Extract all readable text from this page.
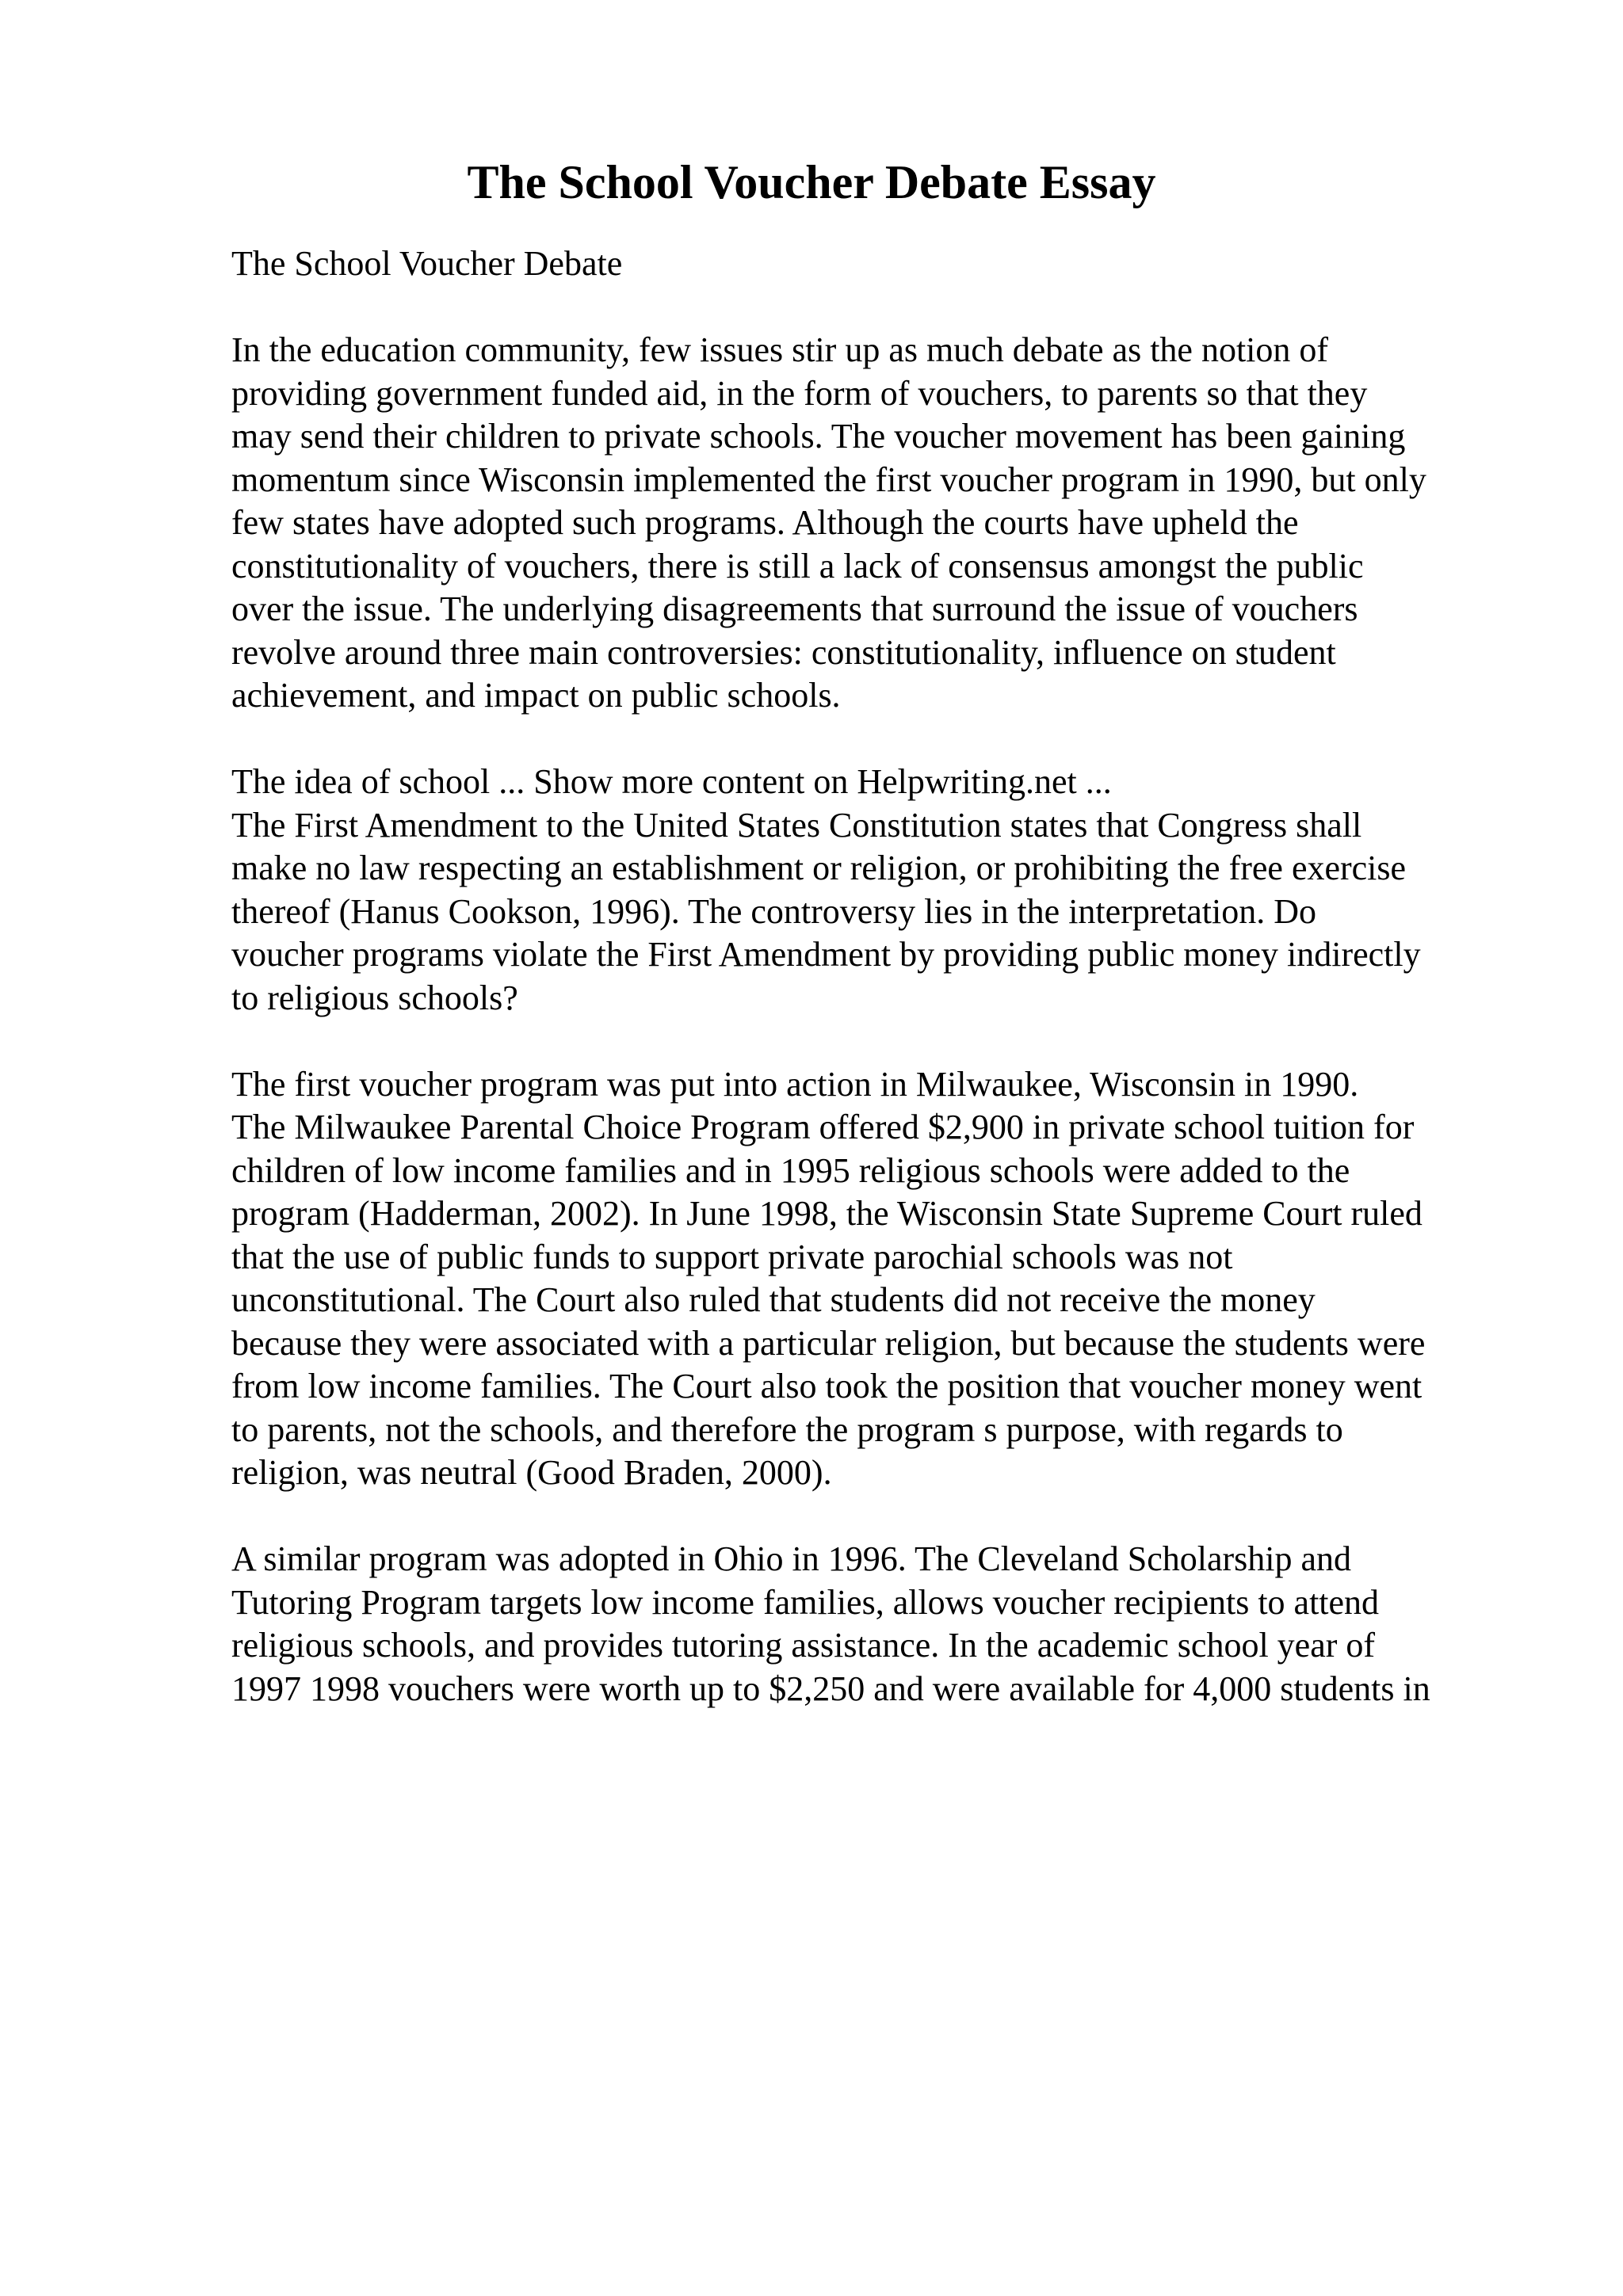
The School Voucher Debate Essay

The School Voucher Debate

In the education community, few issues stir up as much debate as the notion of
providing government funded aid, in the form of vouchers, to parents so that they
may send their children to private schools. The voucher movement has been gaining
momentum since Wisconsin implemented the first voucher program in 1990, but only
few states have adopted such programs. Although the courts have upheld the
constitutionality of vouchers, there is still a lack of consensus amongst the public
over the issue. The underlying disagreements that surround the issue of vouchers
revolve around three main controversies: constitutionality, influence on student
achievement, and impact on public schools.

The idea of school ... Show more content on Helpwriting.net ...
The First Amendment to the United States Constitution states that Congress shall
make no law respecting an establishment or religion, or prohibiting the free exercise
thereof (Hanus Cookson, 1996). The controversy lies in the interpretation. Do
voucher programs violate the First Amendment by providing public money indirectly
to religious schools?

The first voucher program was put into action in Milwaukee, Wisconsin in 1990.
The Milwaukee Parental Choice Program offered $2,900 in private school tuition for
children of low income families and in 1995 religious schools were added to the
program (Hadderman, 2002). In June 1998, the Wisconsin State Supreme Court ruled
that the use of public funds to support private parochial schools was not
unconstitutional. The Court also ruled that students did not receive the money
because they were associated with a particular religion, but because the students were
from low income families. The Court also took the position that voucher money went
to parents, not the schools, and therefore the program s purpose, with regards to
religion, was neutral (Good Braden, 2000).

A similar program was adopted in Ohio in 1996. The Cleveland Scholarship and
Tutoring Program targets low income families, allows voucher recipients to attend
religious schools, and provides tutoring assistance. In the academic school year of
1997 1998 vouchers were worth up to $2,250 and were available for 4,000 students in
